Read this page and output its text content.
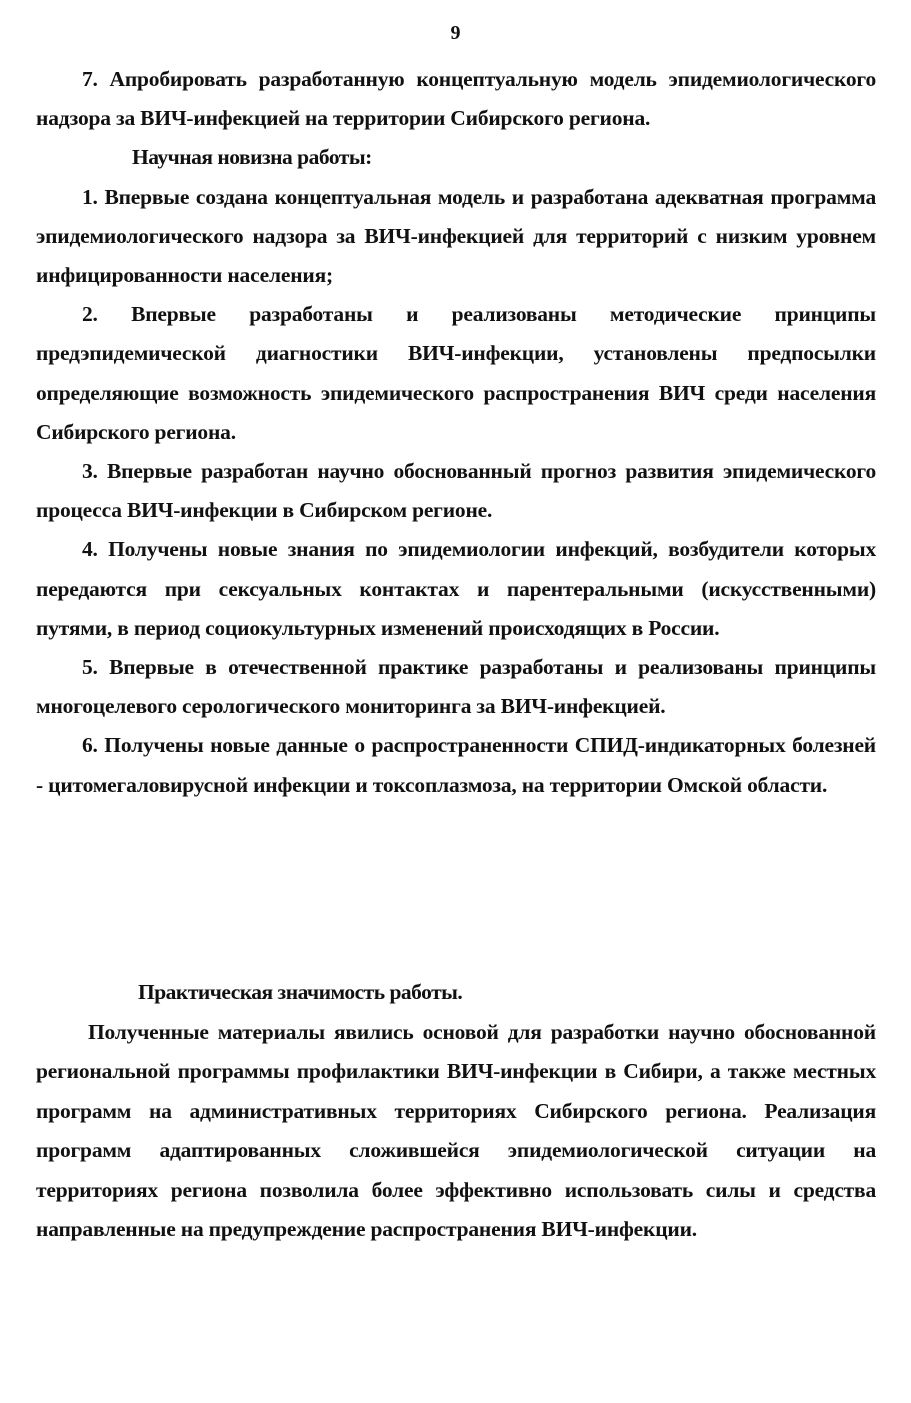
9

7. Апробировать разработанную концептуальную модель эпидемиологического надзора за ВИЧ-инфекцией на территории Сибирского региона.

Научная новизна работы:

1. Впервые создана концептуальная модель и разработана адекватная программа эпидемиологического надзора за ВИЧ-инфекцией для территорий с низким уровнем инфицированности населения;

2. Впервые разработаны и реализованы методические принципы предэпидемической диагностики ВИЧ-инфекции, установлены предпосылки определяющие возможность эпидемического распространения ВИЧ среди населения Сибирского региона.

3. Впервые разработан научно обоснованный прогноз развития эпидемического процесса ВИЧ-инфекции в Сибирском регионе.

4. Получены новые знания по эпидемиологии инфекций, возбудители которых передаются при сексуальных контактах и парентеральными (искусственными) путями, в период социокультурных изменений происходящих в России.

5. Впервые в отечественной практике разработаны и реализованы принципы многоцелевого серологического мониторинга за ВИЧ-инфекцией.

6. Получены новые данные о распространенности СПИД-индикаторных болезней - цитомегаловирусной инфекции и токсоплазмоза, на территории Омской области.

Практическая значимость работы.

Полученные материалы явились основой для разработки научно обоснованной региональной программы профилактики ВИЧ-инфекции в Сибири, а также местных программ на административных территориях Сибирского региона. Реализация программ адаптированных сложившейся эпидемиологической ситуации на территориях региона позволила более эффективно использовать силы и средства направленные на предупреждение распространения ВИЧ-инфекции.
